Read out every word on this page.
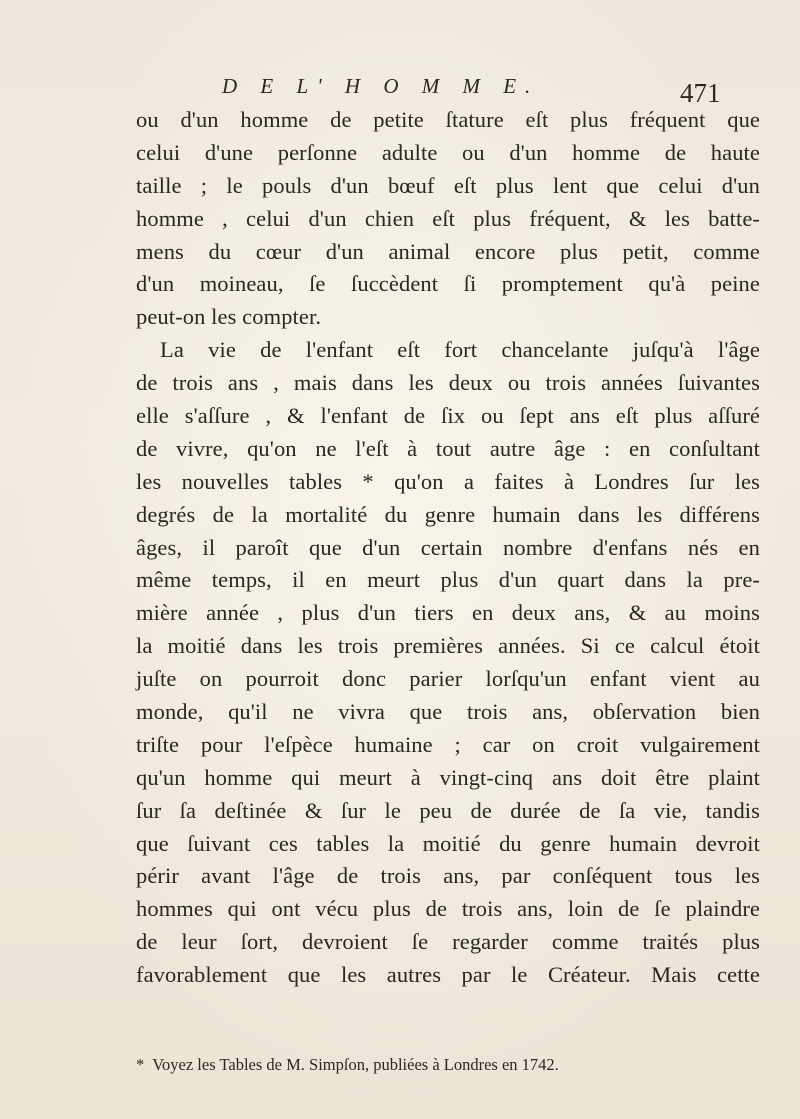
D E L' H O M M E.	471
ou d'un homme de petite ſtature eſt plus fréquent que
celui d'une perſonne adulte ou d'un homme de haute
taille ; le pouls d'un bœuf eſt plus lent que celui d'un
homme , celui d'un chien eſt plus fréquent, & les batte-
mens du cœur d'un animal encore plus petit, comme
d'un moineau, ſe ſuccèdent ſi promptement qu'à peine
peut-on les compter.
La vie de l'enfant eſt fort chancelante juſqu'à l'âge
de trois ans , mais dans les deux ou trois années ſuivantes
elle s'aſſure , & l'enfant de ſix ou ſept ans eſt plus aſſuré
de vivre, qu'on ne l'eſt à tout autre âge : en conſultant
les nouvelles tables * qu'on a faites à Londres ſur les
degrés de la mortalité du genre humain dans les différens
âges, il paroît que d'un certain nombre d'enfans nés en
même temps, il en meurt plus d'un quart dans la pre-
mière année , plus d'un tiers en deux ans, & au moins
la moitié dans les trois premières années. Si ce calcul étoit
juſte on pourroit donc parier lorſqu'un enfant vient au
monde, qu'il ne vivra que trois ans, obſervation bien
triſte pour l'eſpèce humaine ; car on croit vulgairement
qu'un homme qui meurt à vingt-cinq ans doit être plaint
ſur ſa deſtinée & ſur le peu de durée de ſa vie, tandis
que ſuivant ces tables la moitié du genre humain devroit
périr avant l'âge de trois ans, par conſéquent tous les
hommes qui ont vécu plus de trois ans, loin de ſe plaindre
de leur ſort, devroient ſe regarder comme traités plus
favorablement que les autres par le Créateur. Mais cette
* Voyez les Tables de M. Simpſon, publiées à Londres en 1742.
